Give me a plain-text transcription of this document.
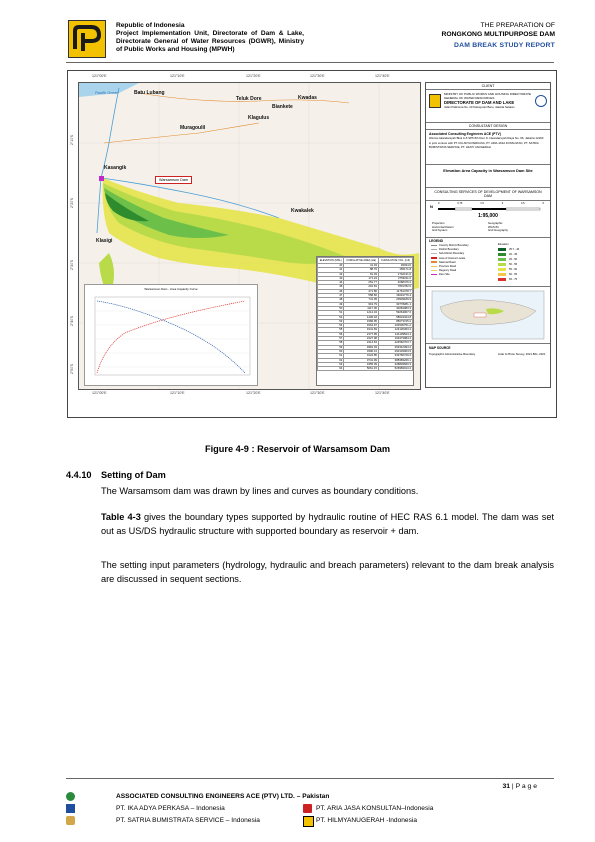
Republic of Indonesia
Project Implementation Unit, Directorate of Dam & Lake, Directorate General of Water Resources (DGWR), Ministry of Public Works and Housing (MPWH)
THE PREPARATION OF
RONGKONG MULTIPURPOSE DAM
DAM BREAK STUDY REPORT
121°00'E	121°10'E	121°20'E	121°30'E	121°40'E
121°00'E	121°10'E	121°20'E	121°30'E	121°40'E
2°10'S
2°20'S
2°30'S
2°40'S
2°50'S
Pacific Ocean	Batu Lubang
Teluk Dore	Kwadas
Biankete
Klagulus
Muragoulil
Kasangik
Kwakalek
Klasigi
Warsamson Dam
Warsamson Dam - Area Capacity Curve
ELEVATION (MSL)	CUMULATIVE AREA (Ha)	CUMULATIVE VOL. (m3)
40	41.03	93034.6
41	88.76	155171.8
42	91.03	1742131.6
43	171.24	2753011.0
44	251.77	4068476.3
45	291.81	7801782.9
46	471.86	11761478.7
47	558.66	16091776.4
48	741.09	20939189.9
49	919.79	30778281.1
50	1117.36	40281083.3
51	1214.34	59264007.0
52	1436.18	68624424.8
53	1586.95	85073745.2
54	1664.97	104530751.2
55	1941.69	124120363.4
56	2177.95	141109524.1
57	2427.08	163473984.4
58	2414.63	224562703.7
59	4981.03	253312394.4
60	3390.41	290133003.9
61	3124.85	333760729.3
62	3741.99	388383226.1
63	4355.39	428803660.3
64	5061.15	526983013.4
CLIENT
MINISTRY OF PUBLIC WORKS AND HOUSING DIRECTORATE GENERAL OF WATER RESOURCES
DIRECTORATE OF DAM AND LAKE
Jalan Pattimura No. 20 Kebayoran Baru, Jakarta Selatan
CONSULTANT DESIGN
Associated Consulting Engineers ACE (PTV)
Wisma Iskandarsyah Blok A-5 SP5 8th floor Jl. Iskandarsyah Raya No. 66, Jakarta 12160
in joint venture with PT. IKA ADYA PERKASA, PT. ARIA JASA KONSULTAN, PT. SATRIA BUMISTRATA SERVICE, PT. HILMY ANUGERAH
Elevation Area Capacity in Warsamson Dam Site
CONSULTING SERVICES OF DEVELOPMENT OF WARSAMSON DAM
N
0	0.75	1.5	3	4.5	6
1:95,000
Projection
Horizontal Datum
Grid System
Geographic
WGS 84
Grid Geography
LEGEND
Country District Boundary
District Boundary
Sub-District Boundary
Area of Interest Locate
National Road
Province Road
Regency Road
Dam Site
Elevation
35.7 - 40
40 - 45
45 - 50
50 - 55
55 - 60
60 - 65
65 - 75
MAP SOURCE
Topographic Administrative Boundary	Lidar & Photo Survey, 2021 BIG, 2021
Figure 4-9 : Reservoir of Warsamsom Dam
4.4.10 Setting of Dam
The Warsamsom dam was drawn by lines and curves as boundary conditions.
Table 4-3 gives the boundary types supported by hydraulic routine of HEC RAS 6.1 model. The dam was set out as US/DS hydraulic structure with supported boundary as reservoir + dam.
The setting input parameters (hydrology, hydraulic and breach parameters) relevant to the dam break analysis are discussed in sequent sections.
31 | P a g e
ASSOCIATED CONSULTING ENGINEERS ACE (PTV) LTD. – Pakistan
PT. IKA ADYA PERKASA – Indonesia
PT. SATRIA BUMISTRATA SERVICE – Indonesia
PT. ARIA JASA KONSULTAN–Indonesia
PT. HILMYANUGERAH -Indonesia
